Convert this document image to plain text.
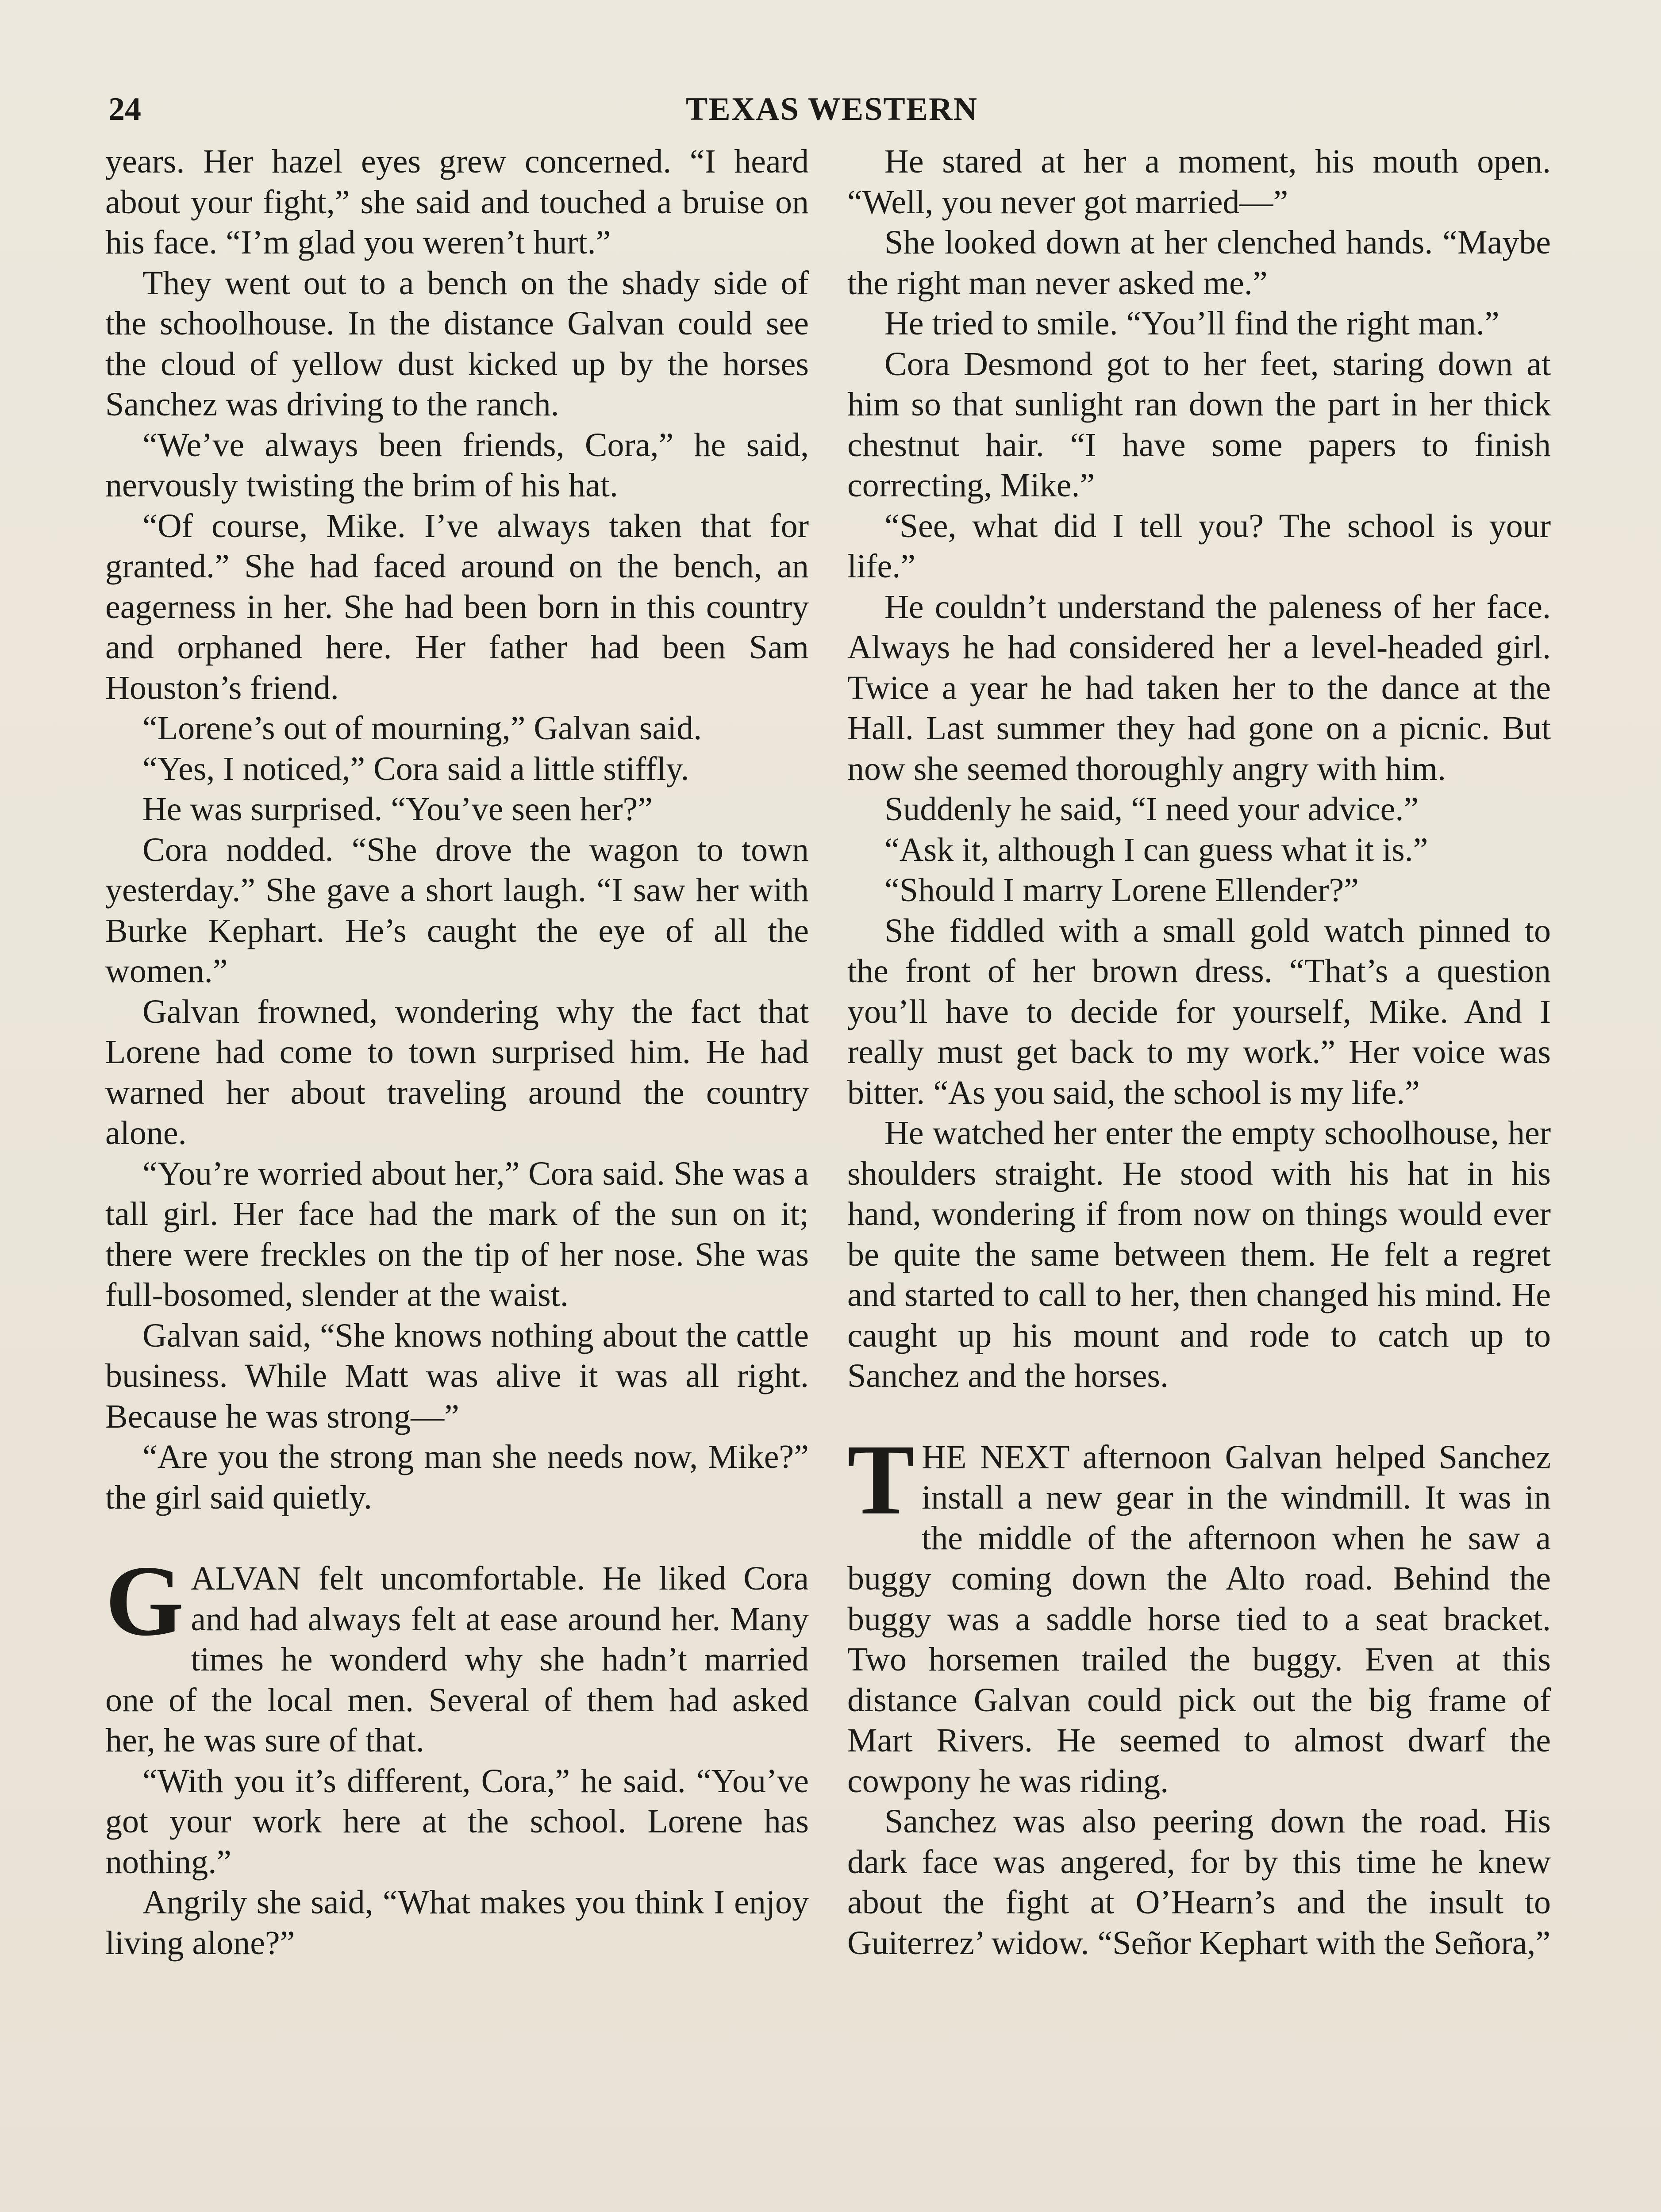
24	TEXAS WESTERN

years. Her hazel eyes grew concerned. “I heard about your fight,” she said and touched a bruise on his face. “I’m glad you weren’t hurt.”

They went out to a bench on the shady side of the schoolhouse. In the distance Galvan could see the cloud of yellow dust kicked up by the horses Sanchez was driving to the ranch.

“We’ve always been friends, Cora,” he said, nervously twisting the brim of his hat.

“Of course, Mike. I’ve always taken that for granted.” She had faced around on the bench, an eagerness in her. She had been born in this country and orphaned here. Her father had been Sam Houston’s friend.

“Lorene’s out of mourning,” Galvan said.

“Yes, I noticed,” Cora said a little stiffly.

He was surprised. “You’ve seen her?”

Cora nodded. “She drove the wagon to town yesterday.” She gave a short laugh. “I saw her with Burke Kephart. He’s caught the eye of all the women.”

Galvan frowned, wondering why the fact that Lorene had come to town surprised him. He had warned her about traveling around the country alone.

“You’re worried about her,” Cora said. She was a tall girl. Her face had the mark of the sun on it; there were freckles on the tip of her nose. She was full-bosomed, slender at the waist.

Galvan said, “She knows nothing about the cattle business. While Matt was alive it was all right. Because he was strong—”

“Are you the strong man she needs now, Mike?” the girl said quietly.

GALVAN felt uncomfortable. He liked Cora and had always felt at ease around her. Many times he wonderd why she hadn’t married one of the local men. Several of them had asked her, he was sure of that.

“With you it’s different, Cora,” he said. “You’ve got your work here at the school. Lorene has nothing.”

Angrily she said, “What makes you think I enjoy living alone?”

He stared at her a moment, his mouth open. “Well, you never got married—”

She looked down at her clenched hands. “Maybe the right man never asked me.”

He tried to smile. “You’ll find the right man.”

Cora Desmond got to her feet, staring down at him so that sunlight ran down the part in her thick chestnut hair. “I have some papers to finish correcting, Mike.”

“See, what did I tell you? The school is your life.”

He couldn’t understand the paleness of her face. Always he had considered her a level-headed girl. Twice a year he had taken her to the dance at the Hall. Last summer they had gone on a picnic. But now she seemed thoroughly angry with him.

Suddenly he said, “I need your advice.”

“Ask it, although I can guess what it is.”

“Should I marry Lorene Ellender?”

She fiddled with a small gold watch pinned to the front of her brown dress. “That’s a question you’ll have to decide for yourself, Mike. And I really must get back to my work.” Her voice was bitter. “As you said, the school is my life.”

He watched her enter the empty schoolhouse, her shoulders straight. He stood with his hat in his hand, wondering if from now on things would ever be quite the same between them. He felt a regret and started to call to her, then changed his mind. He caught up his mount and rode to catch up to Sanchez and the horses.

THE NEXT afternoon Galvan helped Sanchez install a new gear in the windmill. It was in the middle of the afternoon when he saw a buggy coming down the Alto road. Behind the buggy was a saddle horse tied to a seat bracket. Two horsemen trailed the buggy. Even at this distance Galvan could pick out the big frame of Mart Rivers. He seemed to almost dwarf the cowpony he was riding.

Sanchez was also peering down the road. His dark face was angered, for by this time he knew about the fight at O’Hearn’s and the insult to Guiterrez’ widow. “Señor Kephart with the Señora,”
